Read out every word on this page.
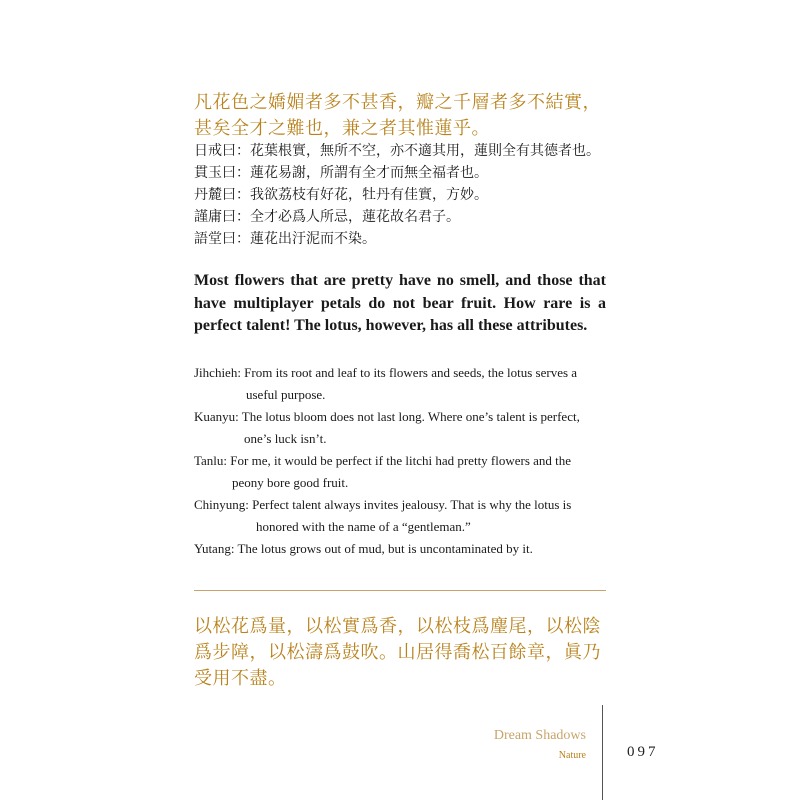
凡花色之嬌媚者多不甚香，瓣之千層者多不結實，甚矣全才之難也，兼之者其惟蓮乎。
日戒曰：花葉根實，無所不空，亦不適其用，蓮則全有其德者也。
貫玉曰：蓮花易謝，所謂有全才而無全福者也。
丹麓曰：我欲荔枝有好花，牡丹有佳實，方妙。
謹庸曰：全才必爲人所忌，蓮花故名君子。
語堂曰：蓮花出汙泥而不染。
Most flowers that are pretty have no smell, and those that have multiplayer petals do not bear fruit. How rare is a perfect talent! The lotus, however, has all these attributes.
Jihchieh: From its root and leaf to its flowers and seeds, the lotus serves a
useful purpose.
Kuanyu: The lotus bloom does not last long. Where one’s talent is perfect,
one’s luck isn’t.
Tanlu: For me, it would be perfect if the litchi had pretty flowers and the
peony bore good fruit.
Chinyung: Perfect talent always invites jealousy. That is why the lotus is
honored with the name of a “gentleman.”
Yutang: The lotus grows out of mud, but is uncontaminated by it.
以松花爲量，以松實爲香，以松枝爲麈尾，以松陰爲步障，以松濤爲鼓吹。山居得喬松百餘章，眞乃受用不盡。
Dream Shadows
Nature	097
